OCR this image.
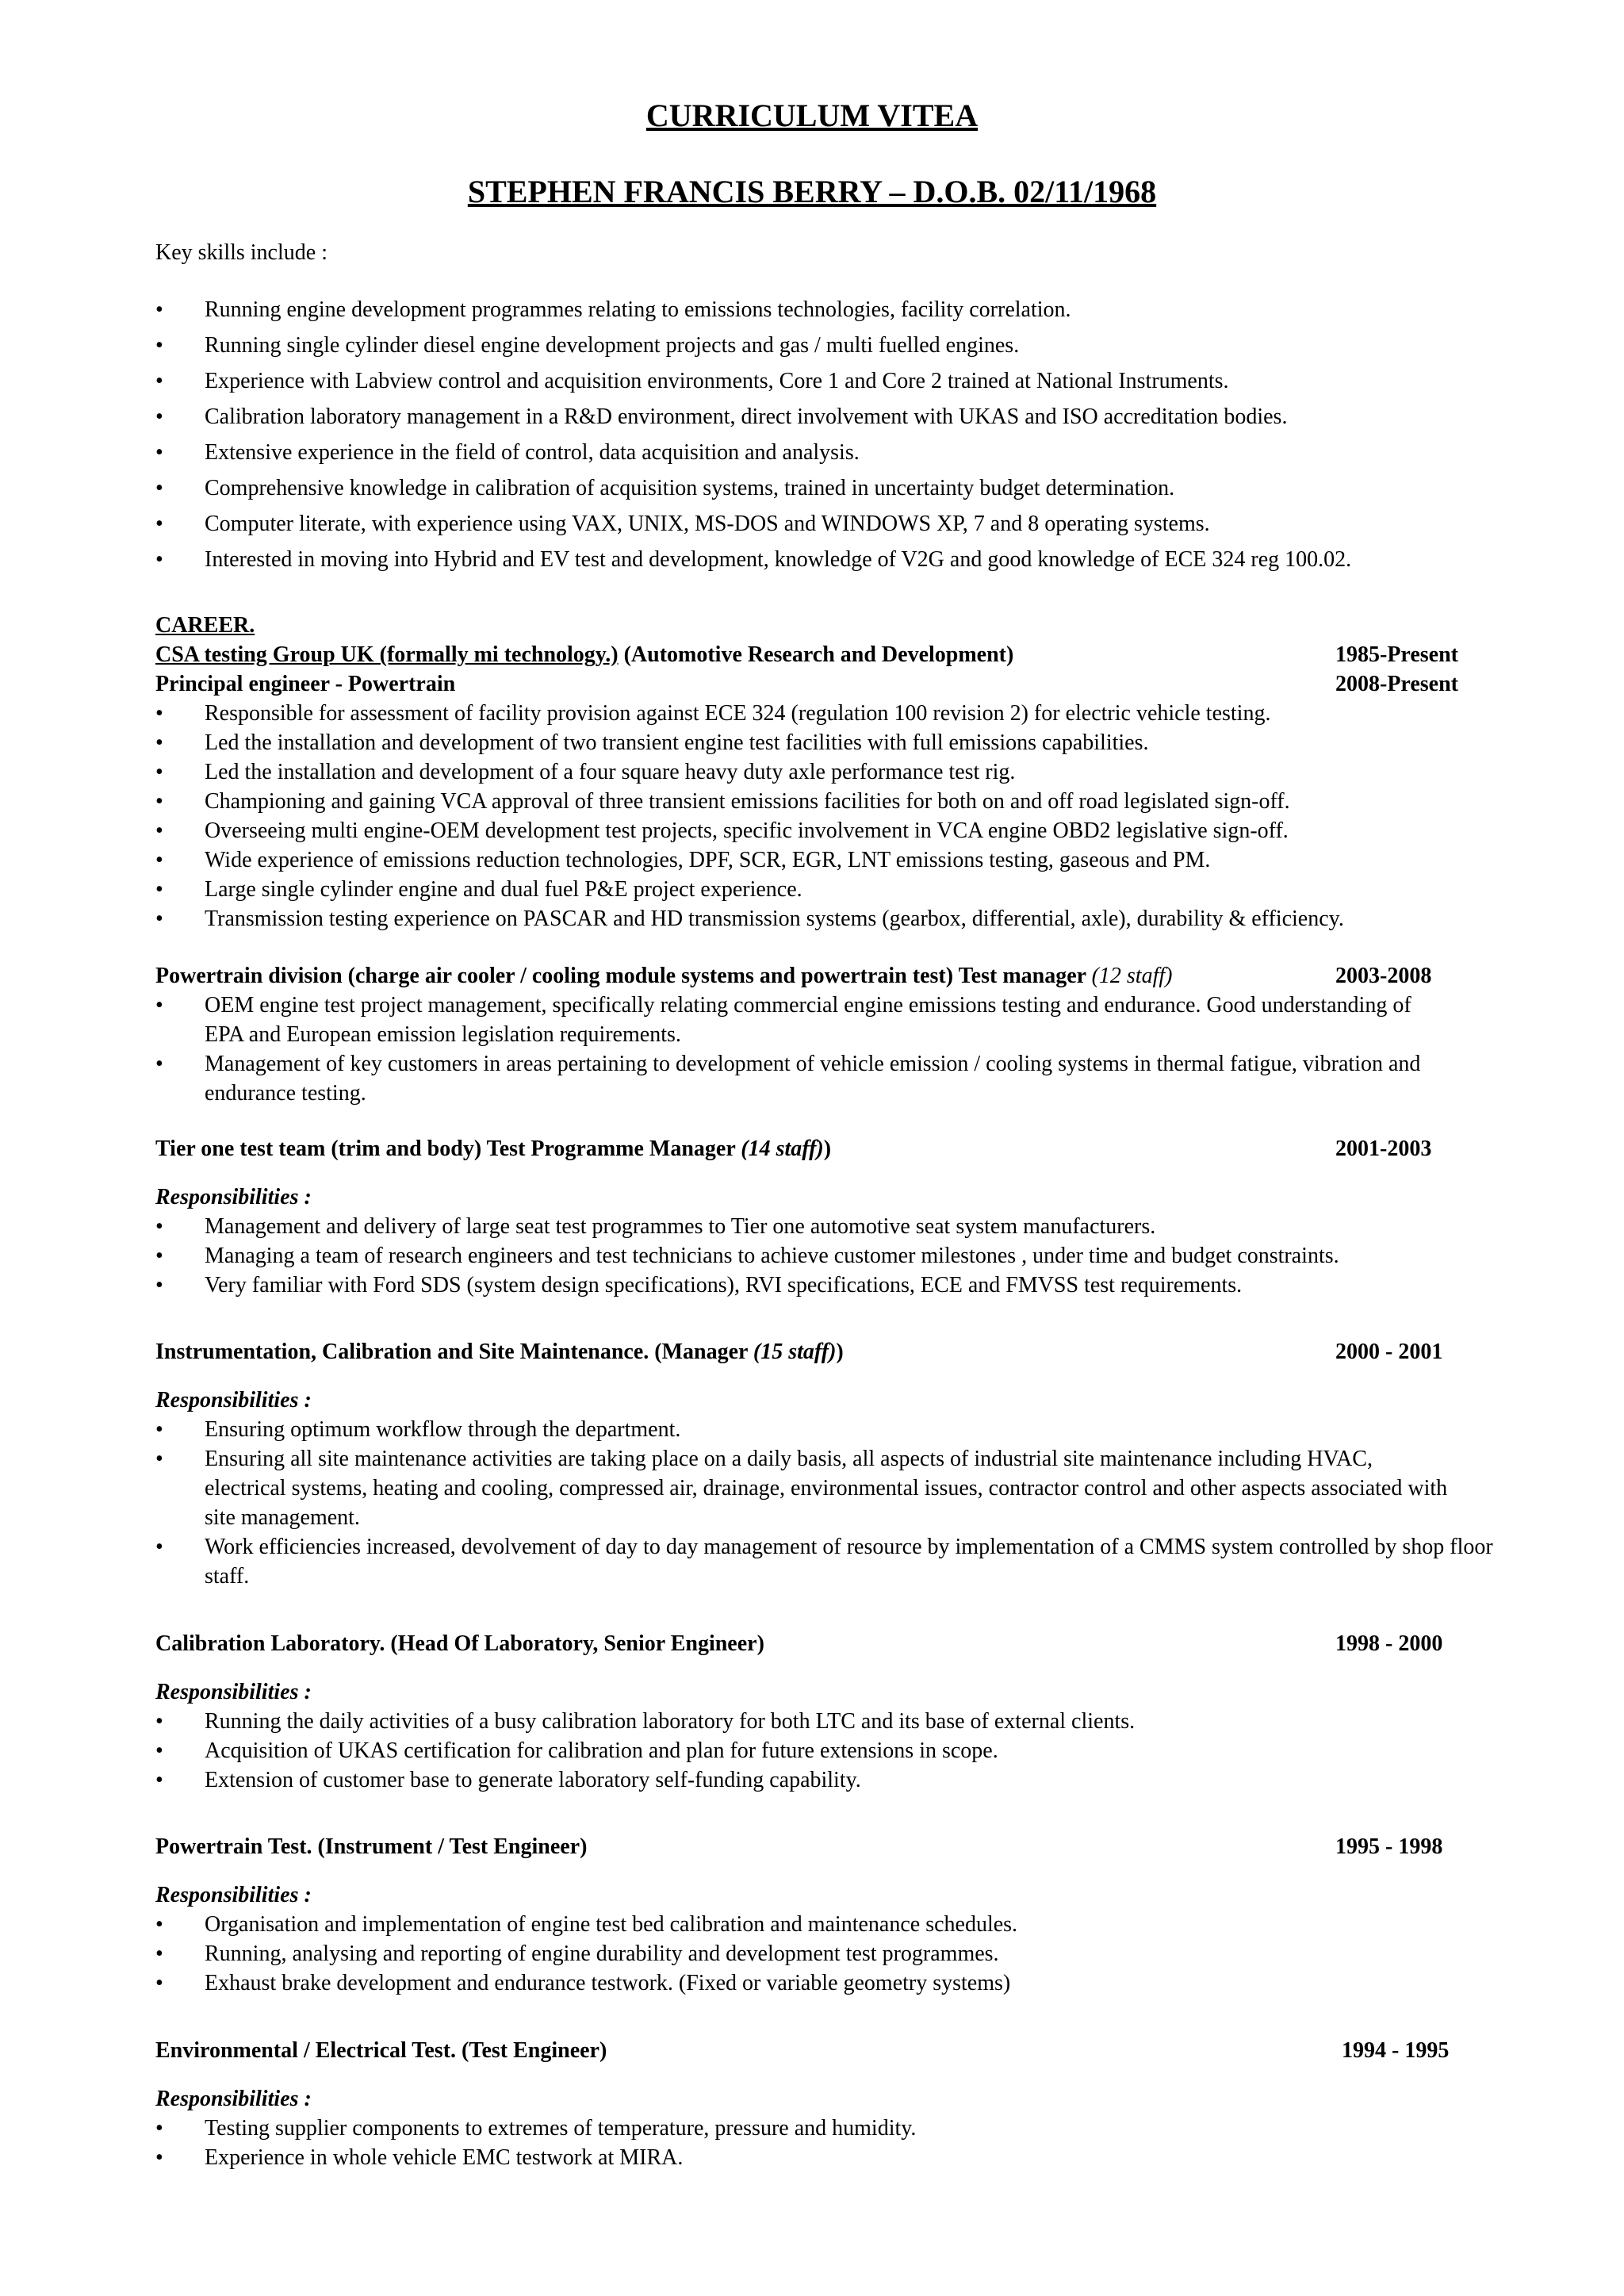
CURRICULUM VITEA
STEPHEN FRANCIS BERRY – D.O.B. 02/11/1968
Key skills include :
• Running engine development programmes relating to emissions technologies, facility correlation.
• Running single cylinder diesel engine development projects and gas / multi fuelled engines.
• Experience with Labview control and acquisition environments, Core 1 and Core 2 trained at National Instruments.
• Calibration laboratory management in a R&D environment, direct involvement with UKAS and ISO accreditation bodies.
• Extensive experience in the field of control, data acquisition and analysis.
• Comprehensive knowledge in calibration of acquisition systems, trained in uncertainty budget determination.
• Computer literate, with experience using VAX, UNIX, MS-DOS and WINDOWS XP, 7 and 8 operating systems.
• Interested in moving into Hybrid and EV test and development, knowledge of V2G and good knowledge of ECE 324 reg 100.02.
CAREER.
CSA testing Group UK (formally mi technology.) (Automotive Research and Development)	1985-Present
Principal engineer - Powertrain	2008-Present
• Responsible for assessment of facility provision against ECE 324 (regulation 100 revision 2) for electric vehicle testing.
• Led the installation and development of two transient engine test facilities with full emissions capabilities.
• Led the installation and development of a four square heavy duty axle performance test rig.
• Championing and gaining VCA approval of three transient emissions facilities for both on and off road legislated sign-off.
• Overseeing multi engine-OEM development test projects, specific involvement in VCA engine OBD2 legislative sign-off.
• Wide experience of emissions reduction technologies, DPF, SCR, EGR, LNT emissions testing, gaseous and PM.
• Large single cylinder engine and dual fuel P&E project experience.
• Transmission testing experience on PASCAR and HD transmission systems (gearbox, differential, axle), durability & efficiency.
Powertrain division (charge air cooler / cooling module systems and powertrain test) Test manager (12 staff)	2003-2008
• OEM engine test project management, specifically relating commercial engine emissions testing and endurance. Good understanding of EPA and European emission legislation requirements.
• Management of key customers in areas pertaining to development of vehicle emission / cooling systems in thermal fatigue, vibration and endurance testing.
Tier one test team (trim and body) Test Programme Manager (14 staff))	2001-2003
Responsibilities :
• Management and delivery of large seat test programmes to Tier one automotive seat system manufacturers.
• Managing a team of research engineers and test technicians to achieve customer milestones , under time and budget constraints.
• Very familiar with Ford SDS (system design specifications), RVI specifications, ECE and FMVSS test requirements.
Instrumentation, Calibration and Site Maintenance. (Manager (15 staff))	2000 - 2001
Responsibilities :
• Ensuring optimum workflow through the department.
• Ensuring all site maintenance activities are taking place on a daily basis, all aspects of industrial site maintenance including HVAC, electrical systems, heating and cooling, compressed air, drainage, environmental issues, contractor control and other aspects associated with site management.
• Work efficiencies increased, devolvement of day to day management of resource by implementation of a CMMS system controlled by shop floor staff.
Calibration Laboratory. (Head Of Laboratory, Senior Engineer)	1998 - 2000
Responsibilities :
• Running the daily activities of a busy calibration laboratory for both LTC and its base of external clients.
• Acquisition of UKAS certification for calibration and plan for future extensions in scope.
• Extension of customer base to generate laboratory self-funding capability.
Powertrain Test. (Instrument / Test Engineer)	1995 - 1998
Responsibilities :
• Organisation and implementation of engine test bed calibration and maintenance schedules.
• Running, analysing and reporting of engine durability and development test programmes.
• Exhaust brake development and endurance testwork. (Fixed or variable geometry systems)
Environmental / Electrical Test. (Test Engineer)	1994 - 1995
Responsibilities :
• Testing supplier components to extremes of temperature, pressure and humidity.
• Experience in whole vehicle EMC testwork at MIRA.
